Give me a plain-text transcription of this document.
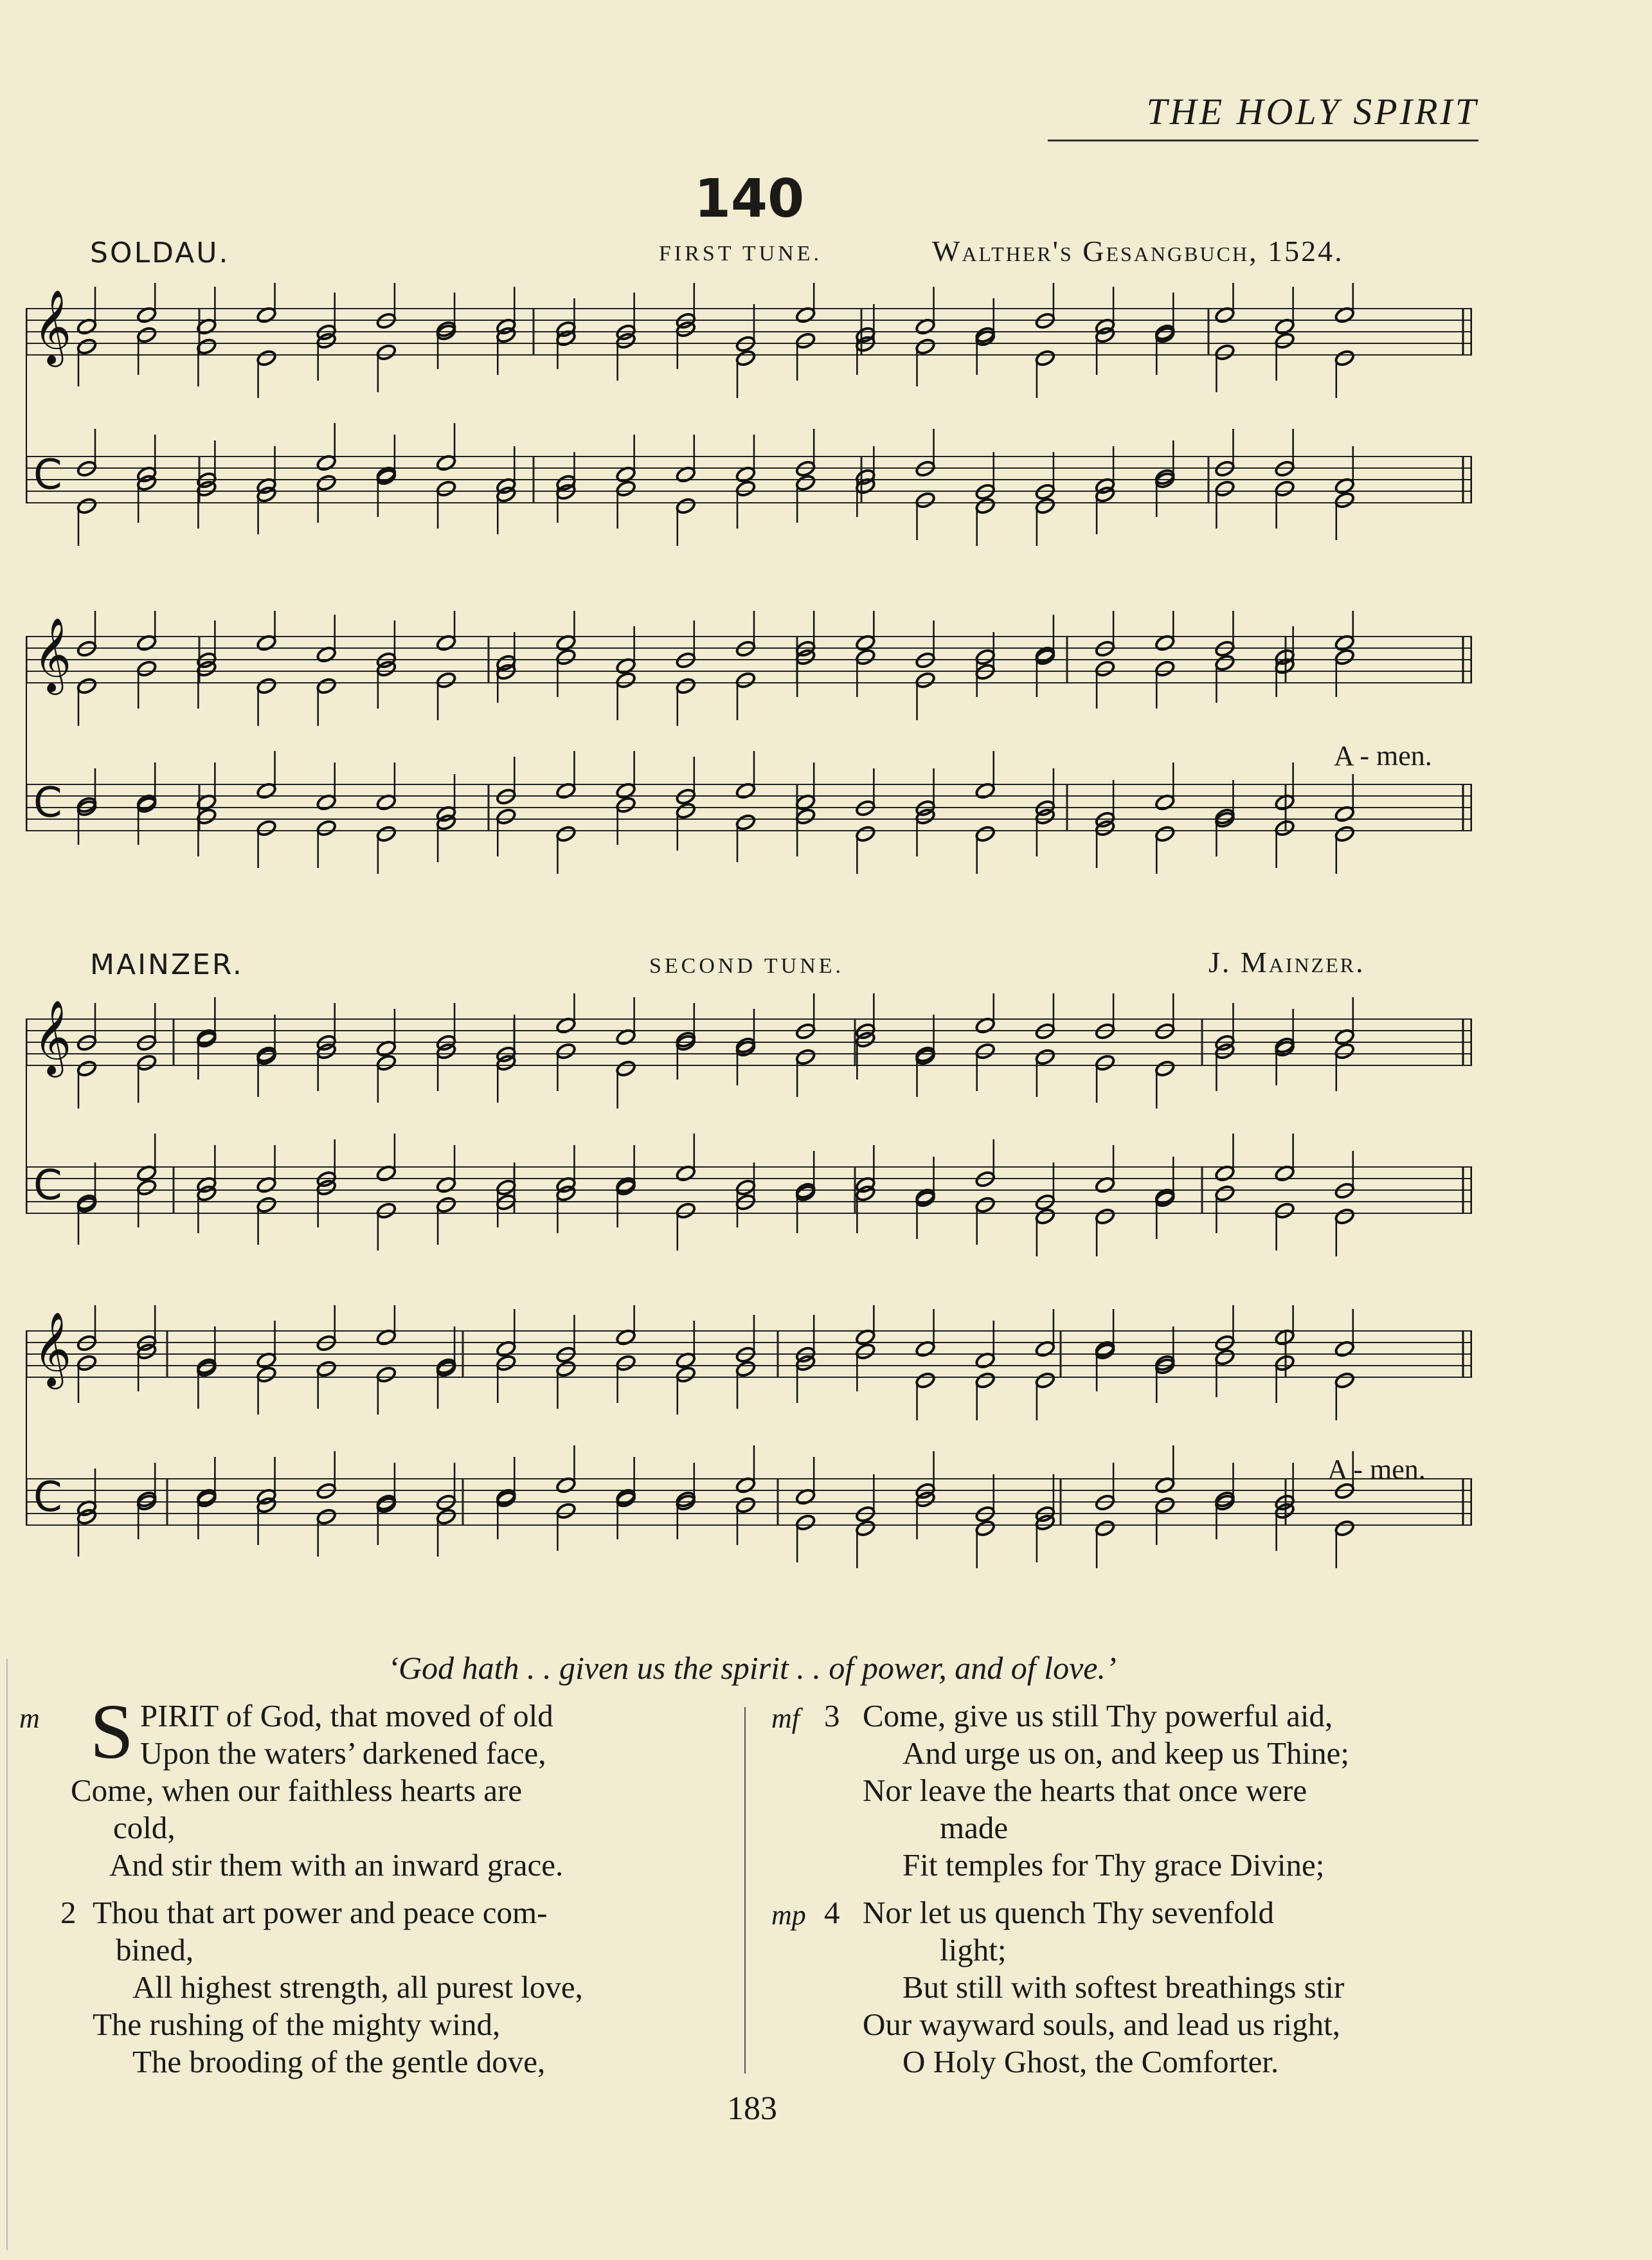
THE HOLY SPIRIT
140
SOLDAU.	FIRST TUNE.	Walther's Gesangbuch, 1524.
𝄞
C
𝄞
C
A - men.
MAINZER.	SECOND TUNE.	J. Mainzer.
𝄞
C
𝄞
C
A - men.
‘God hath . . given us the spirit . . of power, and of love.’
m S PIRIT of God, that moved of old
Upon the waters’ darkened face,
Come, when our faithless hearts are
cold,
And stir them with an inward grace.
2 Thou that art power and peace com-
bined,
All highest strength, all purest love,
The rushing of the mighty wind,
The brooding of the gentle dove,
mf 3 Come, give us still Thy powerful aid,
And urge us on, and keep us Thine;
Nor leave the hearts that once were
made
Fit temples for Thy grace Divine;
mp 4 Nor let us quench Thy sevenfold
light;
But still with softest breathings stir
Our wayward souls, and lead us right,
O Holy Ghost, the Comforter.
183
